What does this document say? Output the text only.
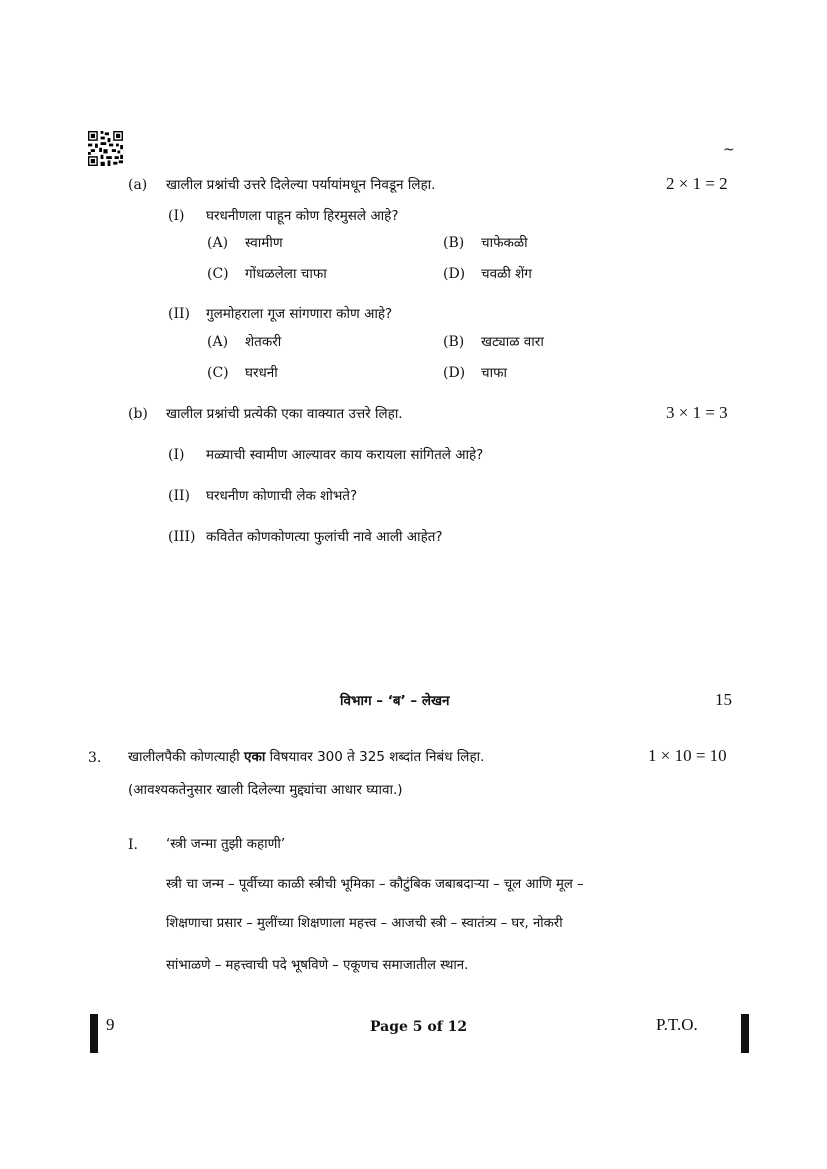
~
(a) खालील प्रश्नांची उत्तरे दिलेल्या पर्यायांमधून निवडून लिहा.	2 × 1 = 2
(I) घरधनीणला पाहून कोण हिरमुसले आहे?
(A) स्वामीण	(B) चाफेकळी
(C) गोंधळलेला चाफा	(D) चवळी शेंग
(II) गुलमोहराला गूज सांगणारा कोण आहे?
(A) शेतकरी	(B) खट्याळ वारा
(C) घरधनी	(D) चाफा
(b) खालील प्रश्नांची प्रत्येकी एका वाक्यात उत्तरे लिहा.	3 × 1 = 3
(I) मळ्याची स्वामीण आल्यावर काय करायला सांगितले आहे?
(II) घरधनीण कोणाची लेक शोभते?
(III) कवितेत कोणकोणत्या फुलांची नावे आली आहेत?
विभाग – ‘ब’ – लेखन	15
3. खालीलपैकी कोणत्याही एका विषयावर 300 ते 325 शब्दांत निबंध लिहा.	1 × 10 = 10
(आवश्यकतेनुसार खाली दिलेल्या मुद्द्यांचा आधार घ्यावा.)
I. ‘स्त्री जन्मा तुझी कहाणी’
स्त्री चा जन्म – पूर्वीच्या काळी स्त्रीची भूमिका – कौटुंबिक जबाबदाऱ्या – चूल आणि मूल –
शिक्षणाचा प्रसार – मुलींच्या शिक्षणाला महत्त्व – आजची स्त्री – स्वातंत्र्य – घर, नोकरी
सांभाळणे – महत्त्वाची पदे भूषविणे – एकूणच समाजातील स्थान.
9	Page 5 of 12	P.T.O.
